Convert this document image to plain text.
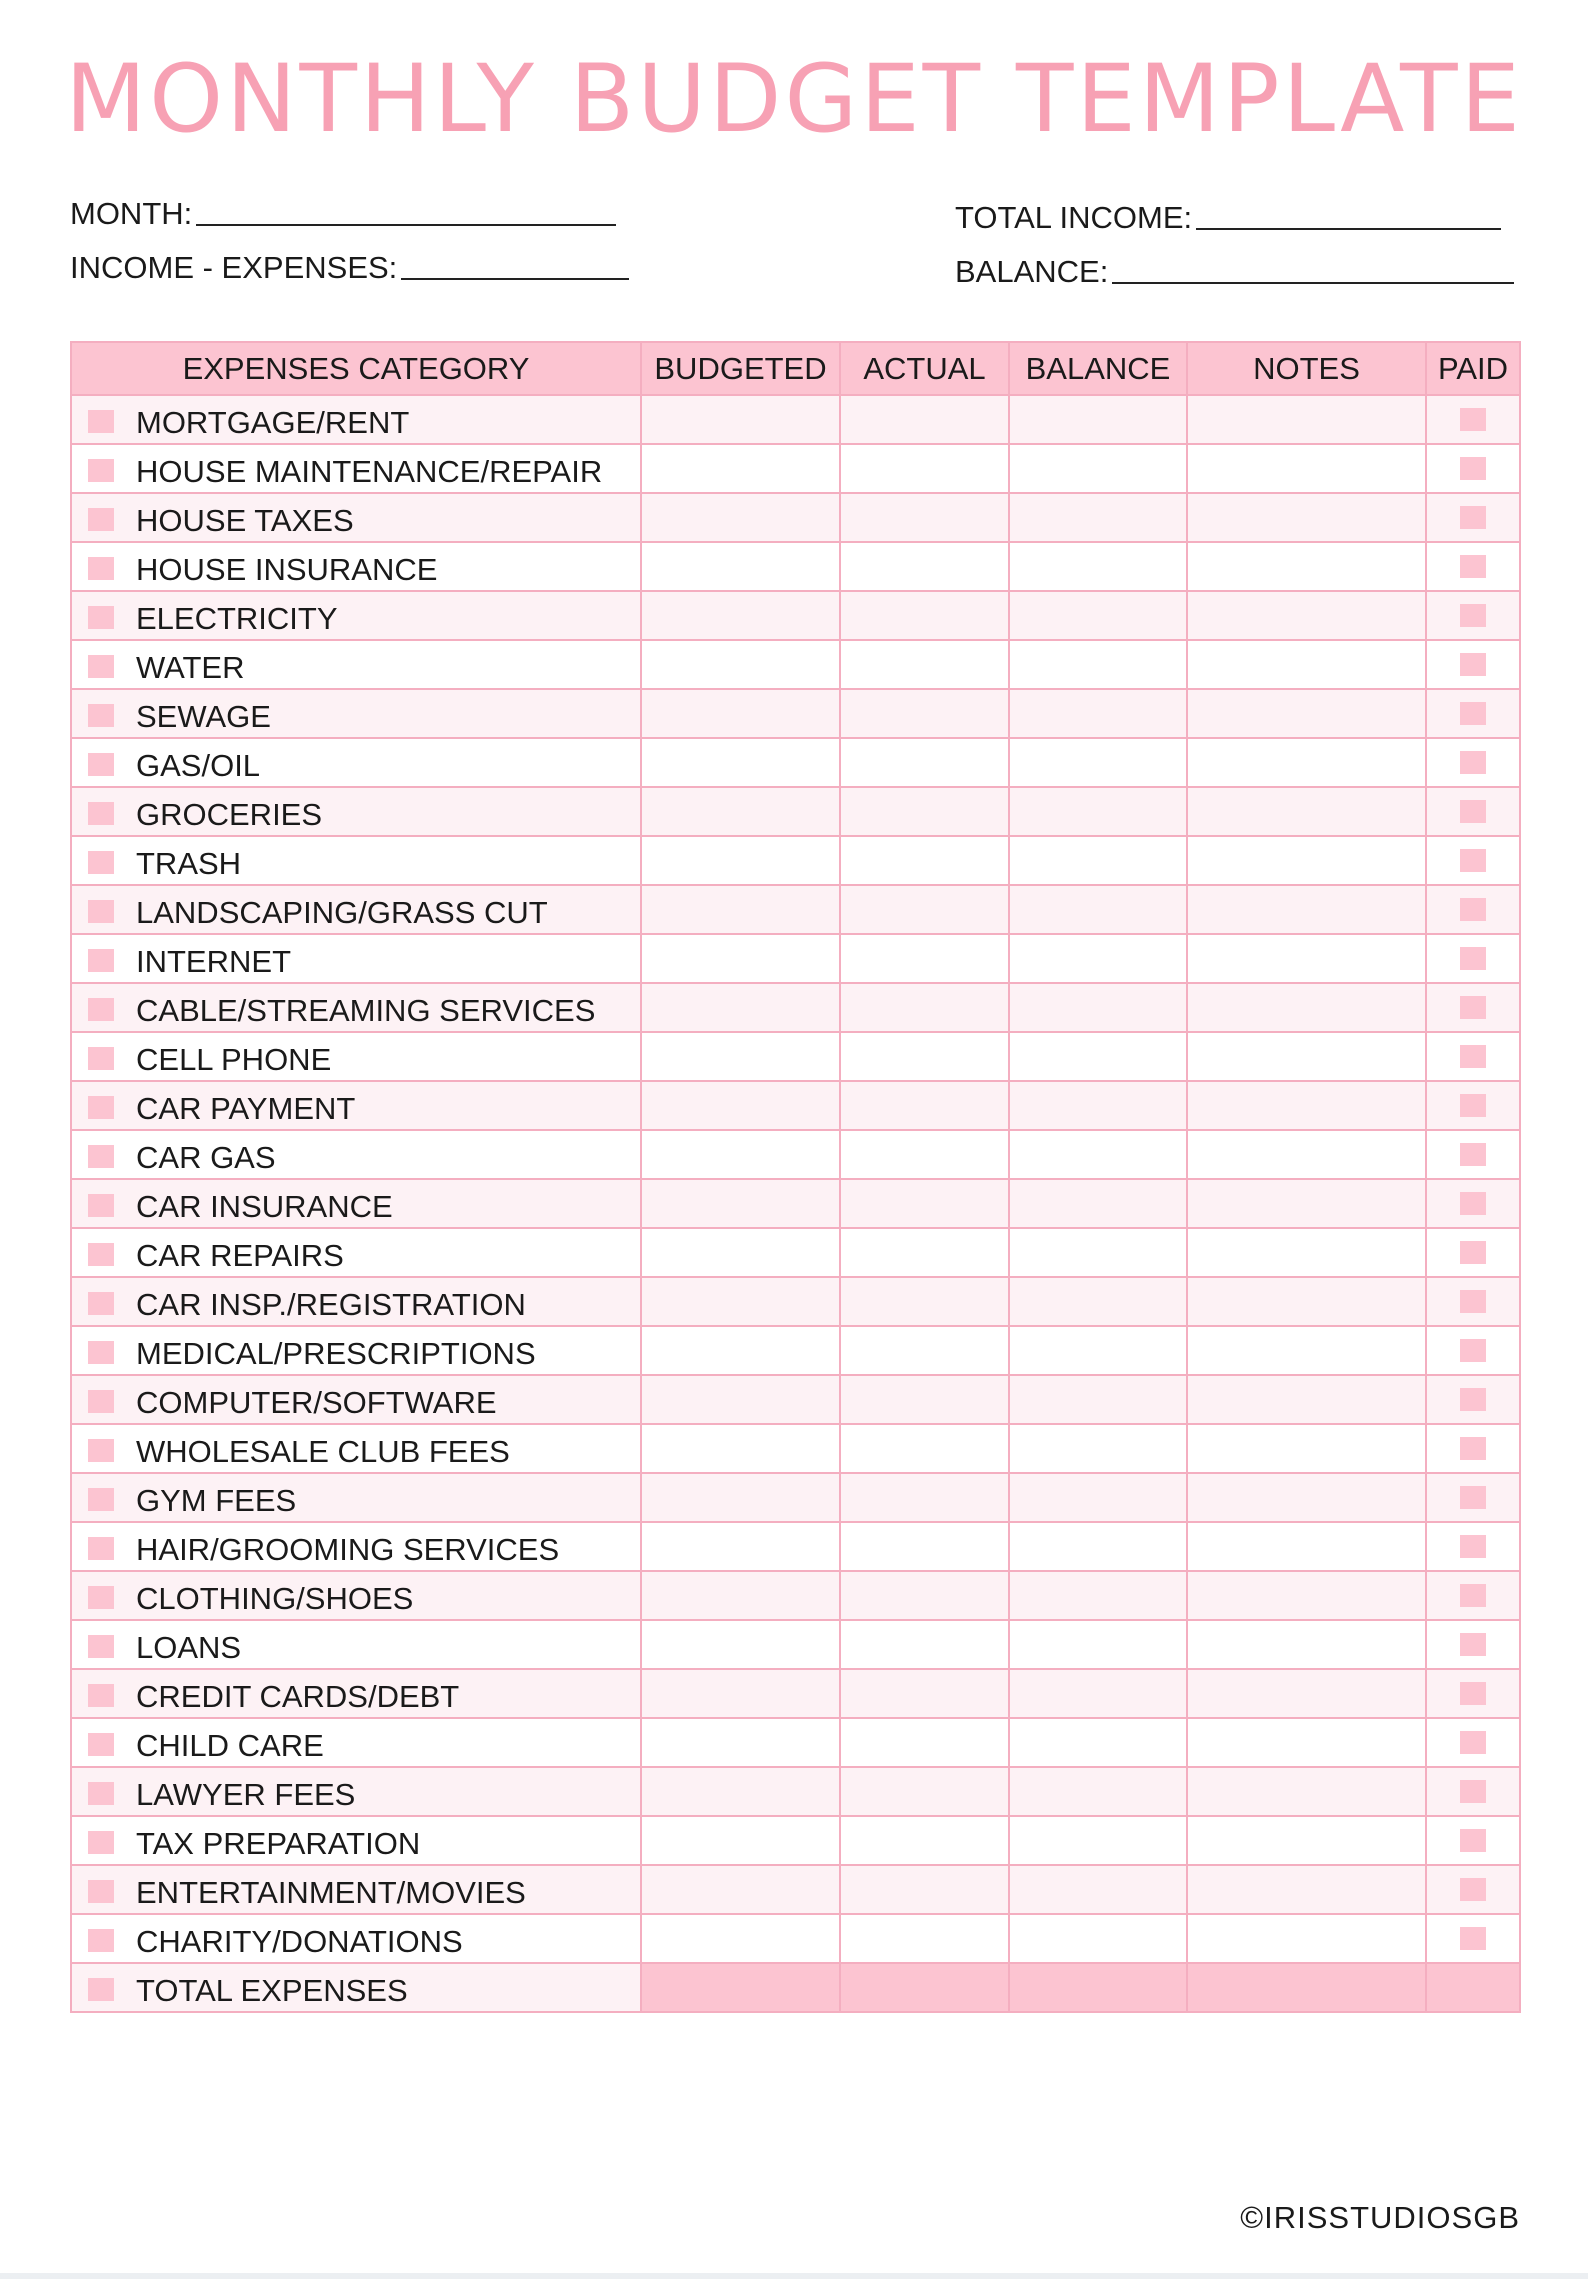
MONTHLY BUDGET TEMPLATE
MONTH:
INCOME - EXPENSES:
TOTAL INCOME:
BALANCE:
EXPENSES CATEGORY	BUDGETED	ACTUAL	BALANCE	NOTES	PAID

MORTGAGE/RENT					

HOUSE MAINTENANCE/REPAIR					

HOUSE TAXES					

HOUSE INSURANCE					

ELECTRICITY					

WATER					

SEWAGE					

GAS/OIL					

GROCERIES					

TRASH					

LANDSCAPING/GRASS CUT					

INTERNET					

CABLE/STREAMING SERVICES					

CELL PHONE					

CAR PAYMENT					

CAR GAS					

CAR INSURANCE					

CAR REPAIRS					

CAR INSP./REGISTRATION					

MEDICAL/PRESCRIPTIONS					

COMPUTER/SOFTWARE					

WHOLESALE CLUB FEES					

GYM FEES					

HAIR/GROOMING SERVICES					

CLOTHING/SHOES					

LOANS					

CREDIT CARDS/DEBT					

CHILD CARE					

LAWYER FEES					

TAX PREPARATION					

ENTERTAINMENT/MOVIES					

CHARITY/DONATIONS					

TOTAL EXPENSES					

©IRISSTUDIOSGB
